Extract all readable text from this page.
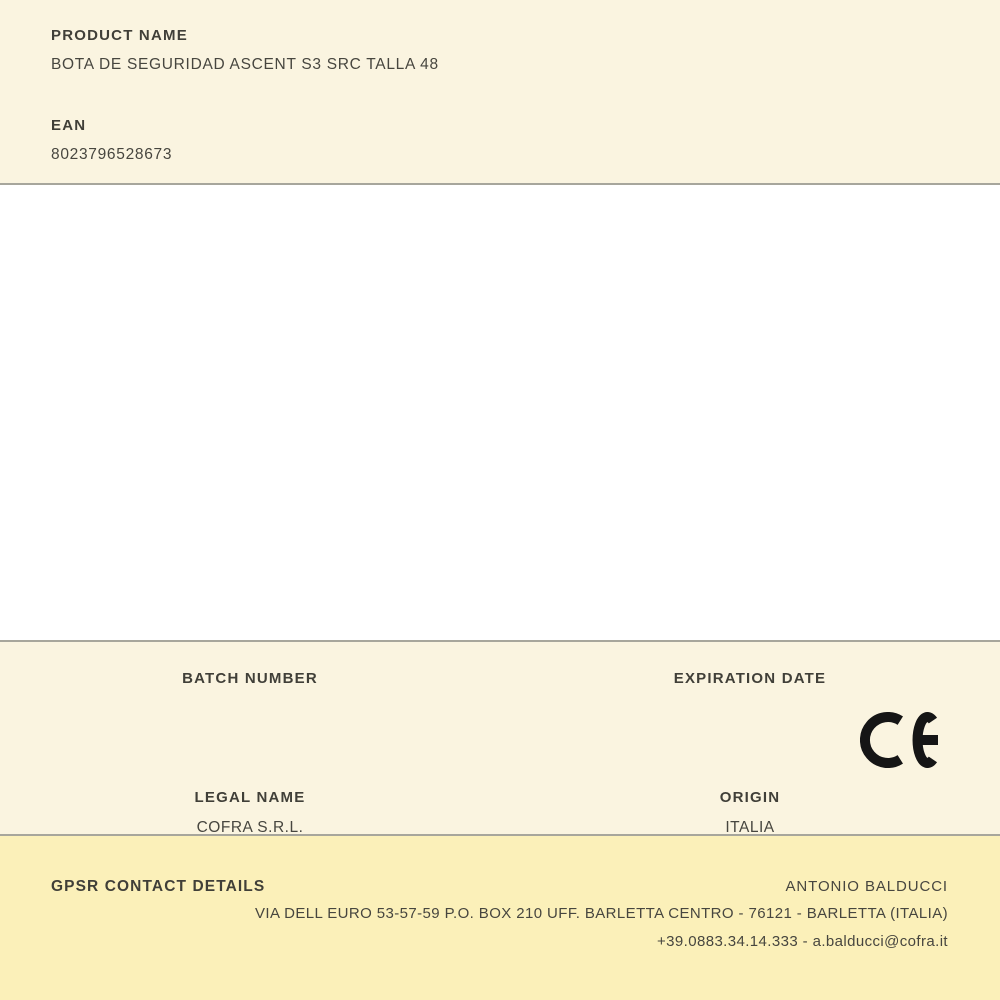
PRODUCT NAME
BOTA DE SEGURIDAD ASCENT S3 SRC TALLA 48
EAN
8023796528673
BATCH NUMBER	EXPIRATION DATE
LEGAL NAME
COFRA S.R.L.
ORIGIN
ITALIA
GPSR CONTACT DETAILS	ANTONIO BALDUCCI
VIA DELL EURO 53-57-59 P.O. BOX 210 UFF. BARLETTA CENTRO - 76121 - BARLETTA (ITALIA)
+39.0883.34.14.333 - a.balducci@cofra.it
